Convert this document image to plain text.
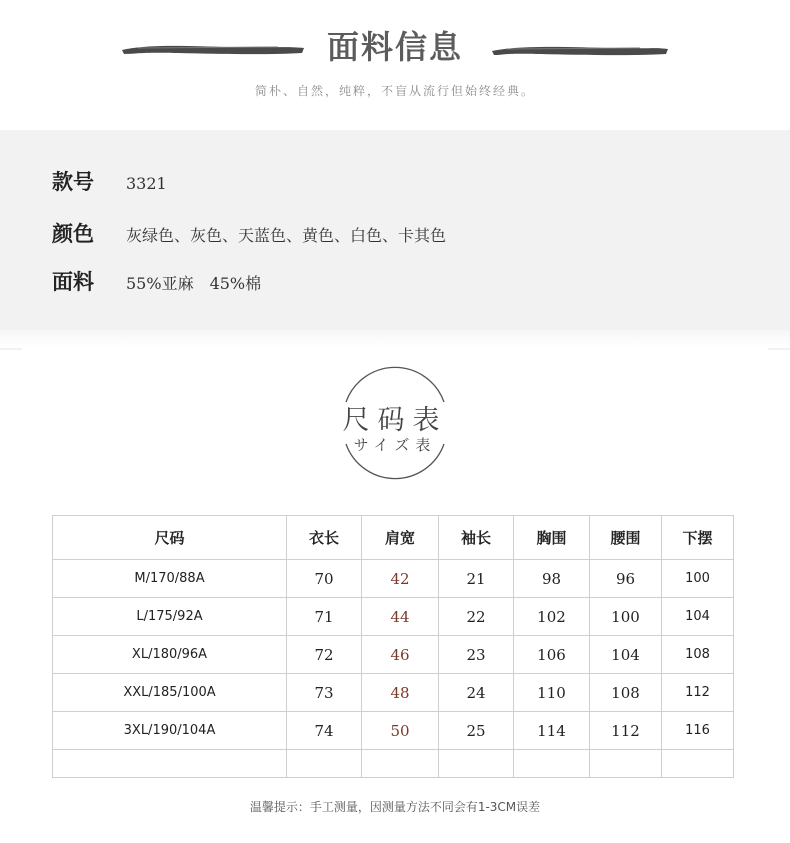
面料信息
简朴、自然，纯粹，不盲从流行但始终经典。
款号	3321
颜色	灰绿色、灰色、天蓝色、黄色、白色、卡其色
面料	55%亚麻　45%棉
尺码表
サイズ表
尺码	衣长	肩宽	袖长	胸围	腰围	下摆
M/170/88A	70	42	21	98	96	100
L/175/92A	71	44	22	102	100	104
XL/180/96A	72	46	23	106	104	108
XXL/185/100A	73	48	24	110	108	112
3XL/190/104A	74	50	25	114	112	116

温馨提示：手工测量，因测量方法不同会有1-3CM误差
